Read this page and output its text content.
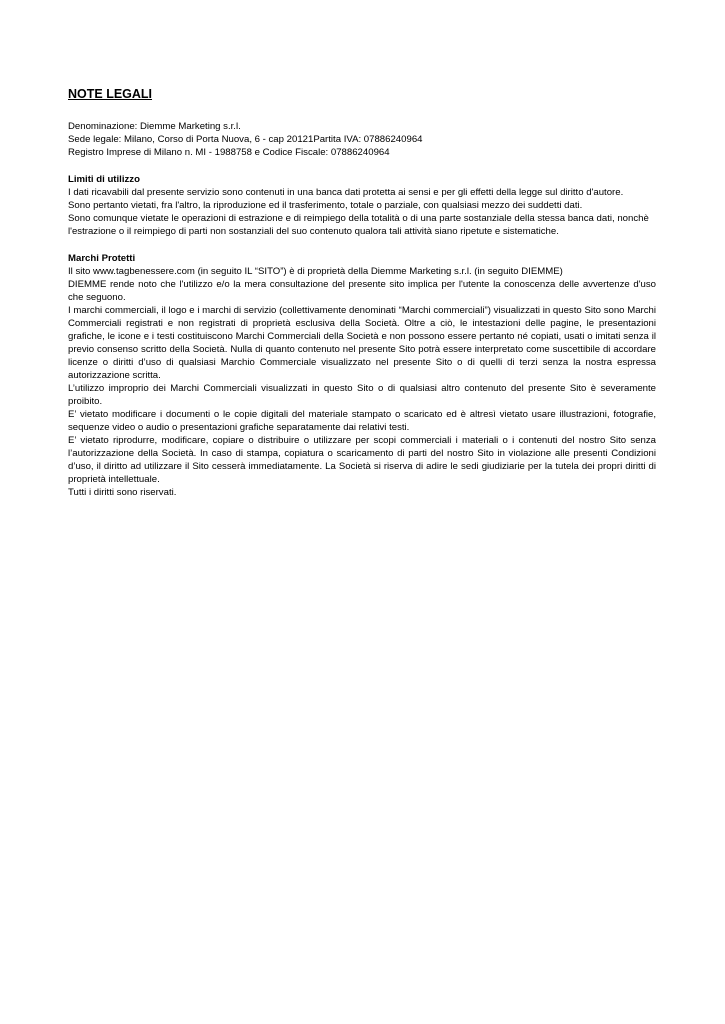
NOTE LEGALI

Denominazione: Diemme Marketing s.r.l.

Sede legale: Milano, Corso di Porta Nuova, 6 - cap 20121Partita IVA: 07886240964

Registro Imprese di Milano n. MI - 1988758 e Codice Fiscale: 07886240964

Limiti di utilizzo

I dati ricavabili dal presente servizio sono contenuti in una banca dati protetta ai sensi e per gli effetti della legge sul diritto d'autore.

Sono pertanto vietati, fra l'altro, la riproduzione ed il trasferimento, totale o parziale, con qualsiasi mezzo dei suddetti dati.

Sono comunque vietate le operazioni di estrazione e di reimpiego della totalità o di una parte sostanziale della stessa banca dati, nonchè l'estrazione o il reimpiego di parti non sostanziali del suo contenuto qualora tali attività siano ripetute e sistematiche.

Marchi Protetti

Il sito www.tagbenessere.com (in seguito IL “SITO”) è di proprietà della Diemme Marketing s.r.l. (in seguito DIEMME)

DIEMME rende noto che l'utilizzo e/o la mera consultazione del presente sito implica per l'utente la conoscenza delle avvertenze d'uso che seguono.

I marchi commerciali, il logo e i marchi di servizio (collettivamente denominati “Marchi commerciali”) visualizzati in questo Sito sono Marchi Commerciali registrati e non registrati di proprietà esclusiva della Società. Oltre a ciò, le intestazioni delle pagine, le presentazioni grafiche, le icone e i testi costituiscono Marchi Commerciali della Società e non possono essere pertanto né copiati, usati o imitati senza il previo consenso scritto della Società. Nulla di quanto contenuto nel presente Sito potrà essere interpretato come suscettibile di accordare licenze o diritti d’uso di qualsiasi Marchio Commerciale visualizzato nel presente Sito o di quelli di terzi senza la nostra espressa autorizzazione scritta.

L’utilizzo improprio dei Marchi Commerciali visualizzati in questo Sito o di qualsiasi altro contenuto del presente Sito è severamente proibito.

E’ vietato modificare i documenti o le copie digitali del materiale stampato o scaricato ed è altresì vietato usare illustrazioni, fotografie, sequenze video o audio o presentazioni grafiche separatamente dai relativi testi.

E’ vietato riprodurre, modificare, copiare o distribuire o utilizzare per scopi commerciali i materiali o i contenuti del nostro Sito senza l’autorizzazione della Società. In caso di stampa, copiatura o scaricamento di parti del nostro Sito in violazione alle presenti Condizioni d’uso, il diritto ad utilizzare il Sito cesserà immediatamente. La Società si riserva di adire le sedi giudiziarie per la tutela dei propri diritti di proprietà intellettuale.

Tutti i diritti sono riservati.
